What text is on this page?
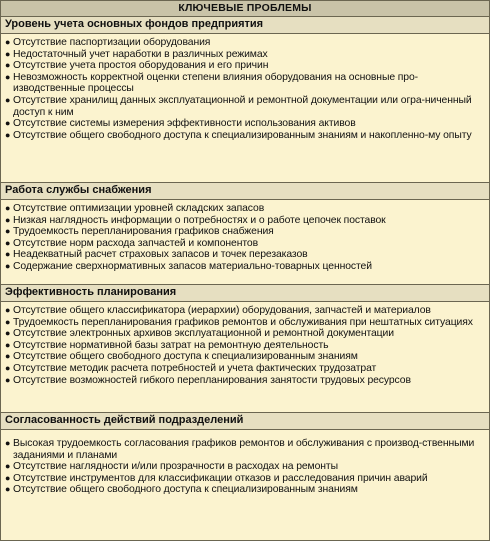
КЛЮЧЕВЫЕ ПРОБЛЕМЫ
Уровень учета основных фондов предприятия
● Отсутствие паспортизации оборудования
● Недостаточный учет наработки в различных режимах
● Отсутствие учета простоя оборудования и его причин
● Невозможность корректной оценки степени влияния оборудования на основные про-изводственные процессы
● Отсутствие хранилищ данных эксплуатационной и ремонтной документации или огра-ниченный доступ к ним
● Отсутствие системы измерения эффективности использования активов
● Отсутствие общего свободного доступа к специализированным знаниям и накопленно-му опыту
Работа службы снабжения
● Отсутствие оптимизации уровней складских запасов
● Низкая наглядность информации о потребностях и о работе цепочек поставок
● Трудоемкость перепланирования графиков снабжения
● Отсутствие норм расхода запчастей и компонентов
● Неадекватный расчет страховых запасов и точек перезаказов
● Содержание сверхнормативных запасов материально-товарных ценностей
Эффективность планирования
● Отсутствие общего классификатора (иерархии) оборудования, запчастей и материалов
● Трудоемкость перепланирования графиков ремонтов и обслуживания при нештатных ситуациях
● Отсутствие электронных архивов эксплуатационной и ремонтной документации
● Отсутствие нормативной базы затрат на ремонтную деятельность
● Отсутствие общего свободного доступа к специализированным знаниям
● Отсутствие методик расчета потребностей и учета фактических трудозатрат
● Отсутствие возможностей гибкого перепланирования занятости трудовых ресурсов
Согласованность действий подразделений
● Высокая трудоемкость согласования графиков ремонтов и обслуживания с производ-ственными заданиями и планами
● Отсутствие наглядности и/или прозрачности в расходах на ремонты
● Отсутствие инструментов для классификации отказов и расследования причин аварий
● Отсутствие общего свободного доступа к специализированным знаниям
